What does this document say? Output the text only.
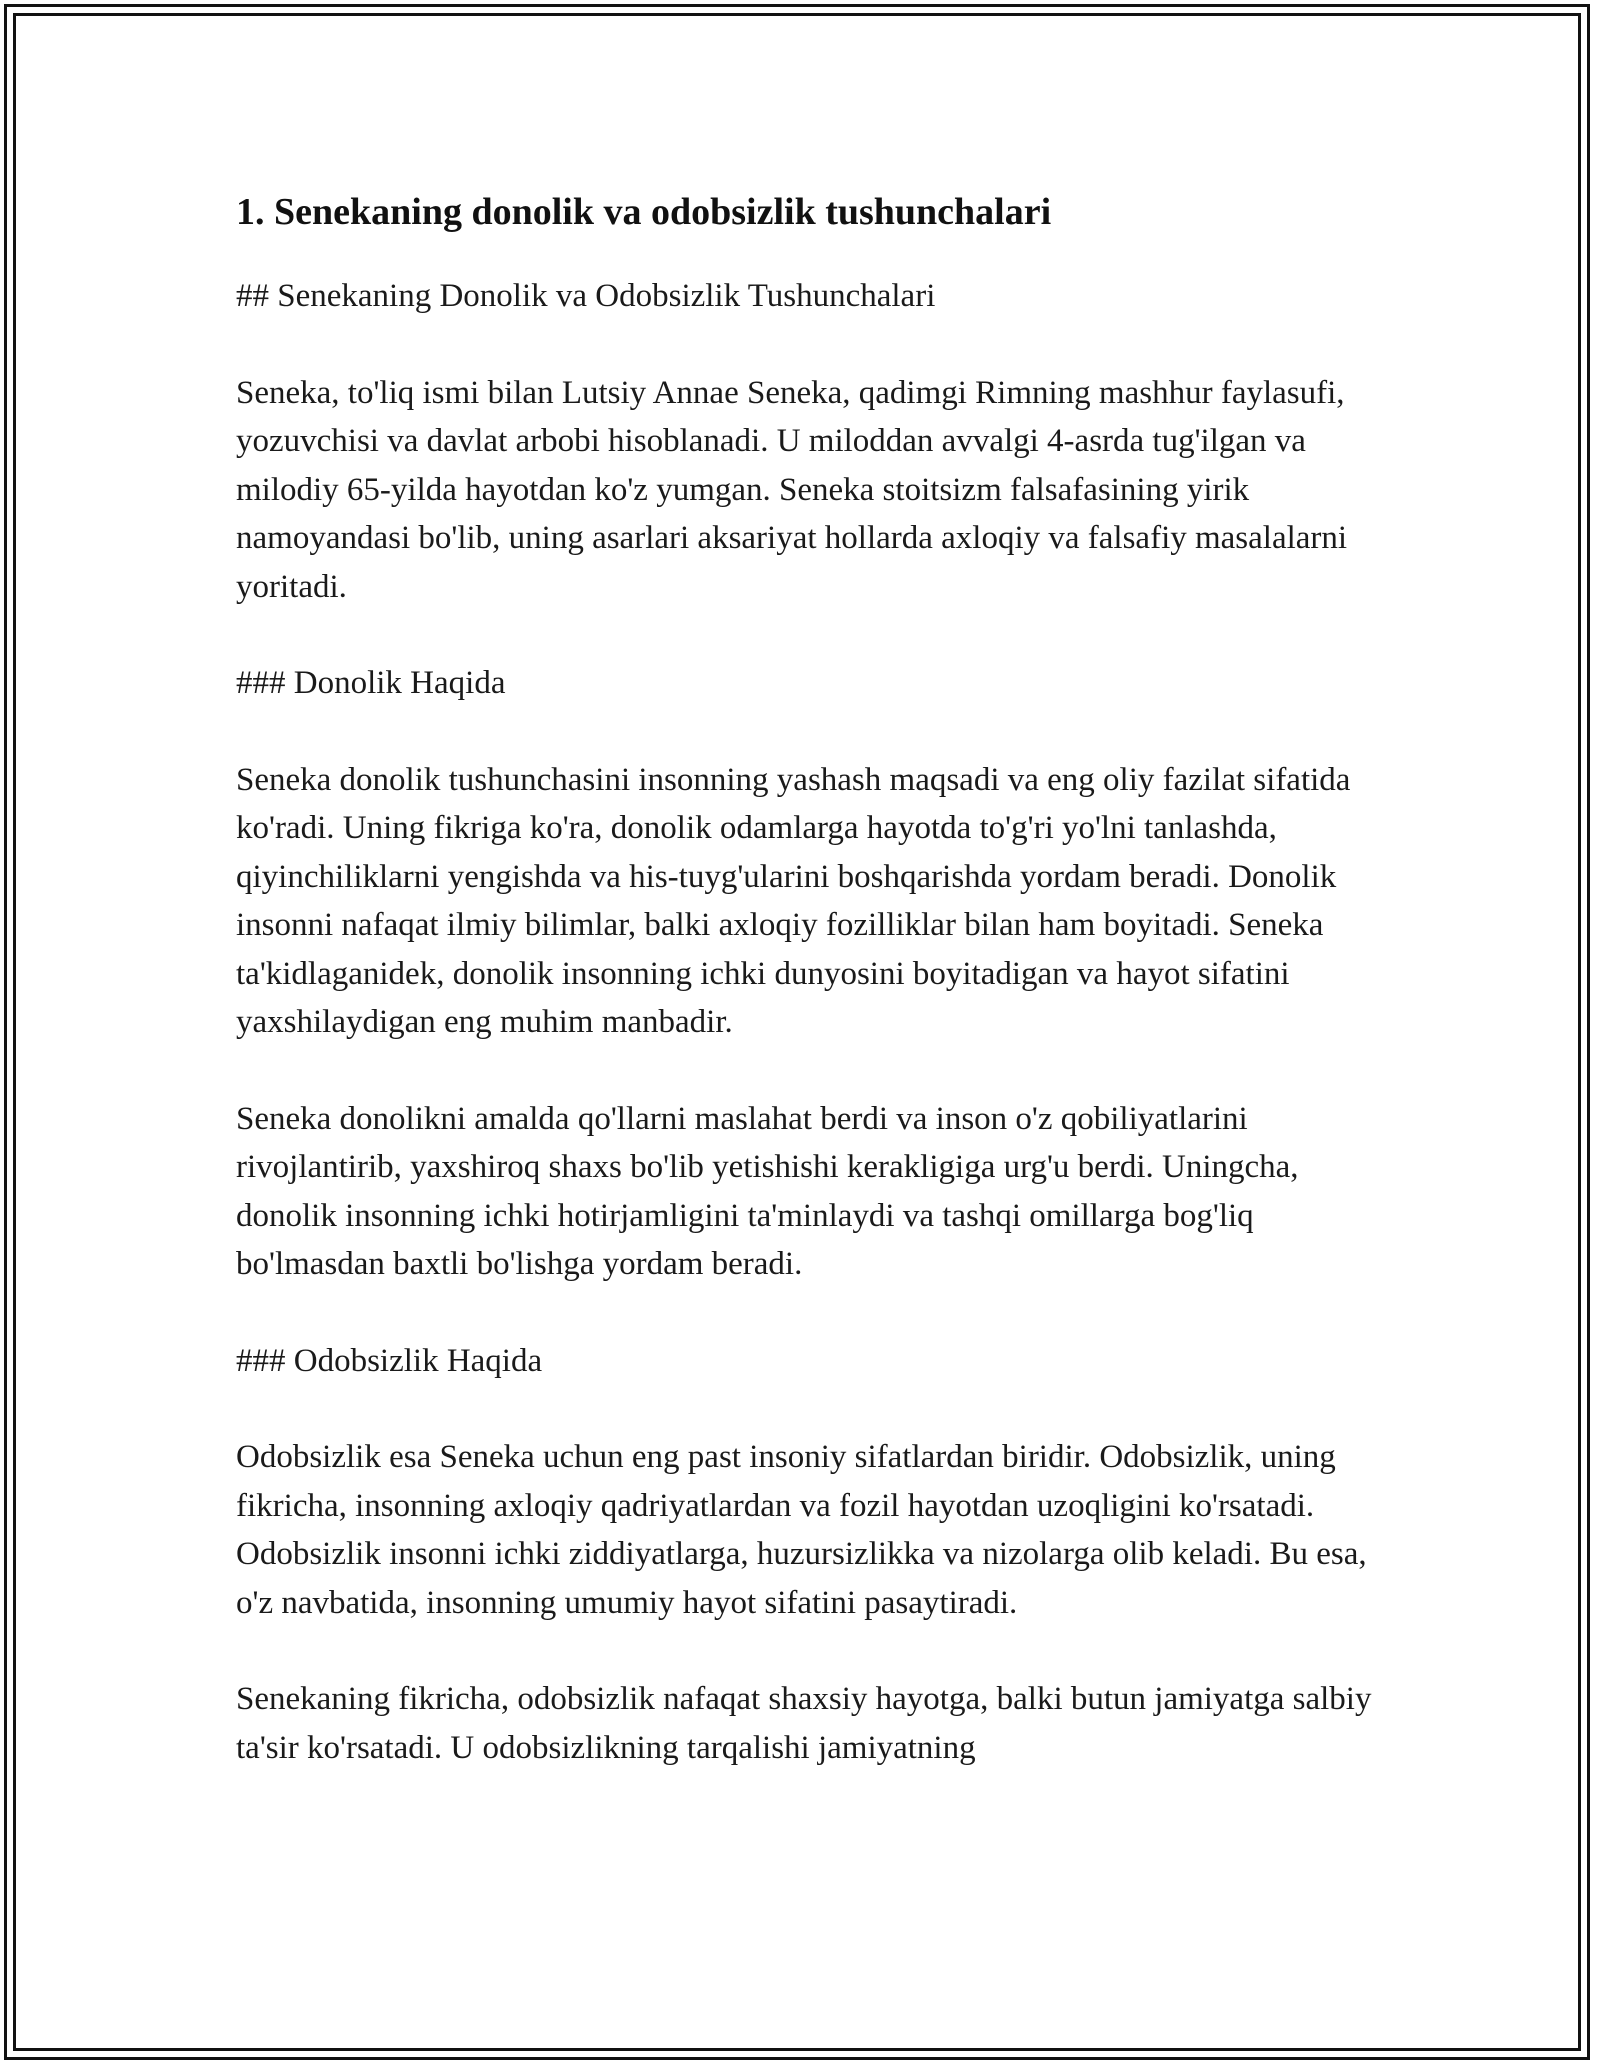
1. Senekaning donolik va odobsizlik tushunchalari

## Senekaning Donolik va Odobsizlik Tushunchalari

Seneka, to'liq ismi bilan Lutsiy Annae Seneka, qadimgi Rimning mashhur faylasufi, yozuvchisi va davlat arbobi hisoblanadi. U miloddan avvalgi 4-asrda tug'ilgan va milodiy 65-yilda hayotdan ko'z yumgan. Seneka stoitsizm falsafasining yirik namoyandasi bo'lib, uning asarlari aksariyat hollarda axloqiy va falsafiy masalalarni yoritadi.

### Donolik Haqida

Seneka donolik tushunchasini insonning yashash maqsadi va eng oliy fazilat sifatida ko'radi. Uning fikriga ko'ra, donolik odamlarga hayotda to'g'ri yo'lni tanlashda, qiyinchiliklarni yengishda va his-tuyg'ularini boshqarishda yordam beradi. Donolik insonni nafaqat ilmiy bilimlar, balki axloqiy fozilliklar bilan ham boyitadi. Seneka ta'kidlaganidek, donolik insonning ichki dunyosini boyitadigan va hayot sifatini yaxshilaydigan eng muhim manbadir.

Seneka donolikni amalda qo'llarni maslahat berdi va inson o'z qobiliyatlarini rivojlantirib, yaxshiroq shaxs bo'lib yetishishi kerakligiga urg'u berdi. Uningcha, donolik insonning ichki hotirjamligini ta'minlaydi va tashqi omillarga bog'liq bo'lmasdan baxtli bo'lishga yordam beradi.

### Odobsizlik Haqida

Odobsizlik esa Seneka uchun eng past insoniy sifatlardan biridir. Odobsizlik, uning fikricha, insonning axloqiy qadriyatlardan va fozil hayotdan uzoqligini ko'rsatadi. Odobsizlik insonni ichki ziddiyatlarga, huzursizlikka va nizolarga olib keladi. Bu esa, o'z navbatida, insonning umumiy hayot sifatini pasaytiradi.

Senekaning fikricha, odobsizlik nafaqat shaxsiy hayotga, balki butun jamiyatga salbiy ta'sir ko'rsatadi. U odobsizlikning tarqalishi jamiyatning
